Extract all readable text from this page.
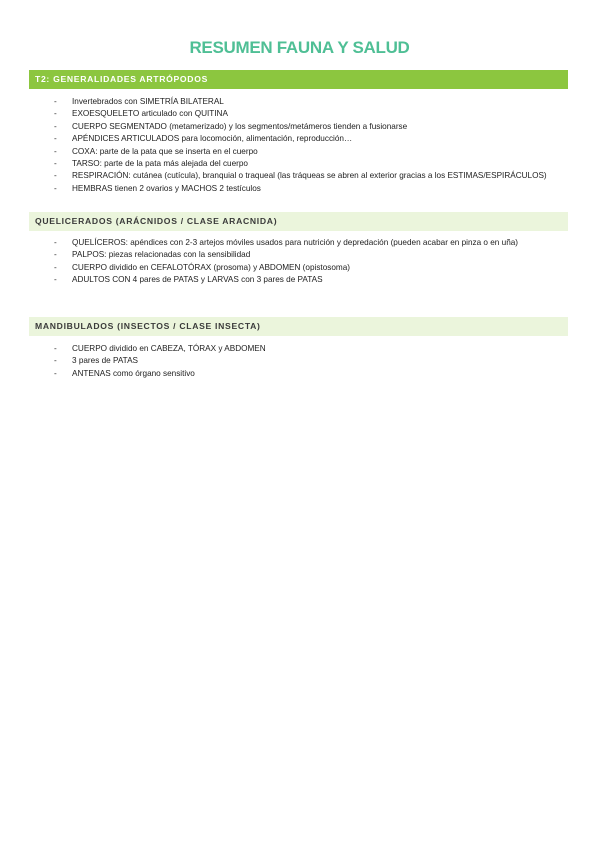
RESUMEN FAUNA Y SALUD
T2: GENERALIDADES ARTRÓPODOS
- Invertebrados con SIMETRÍA BILATERAL
- EXOESQUELETO articulado con QUITINA
- CUERPO SEGMENTADO (metamerizado) y los segmentos/metámeros tienden a fusionarse
- APÉNDICES ARTICULADOS para locomoción, alimentación, reproducción…
- COXA: parte de la pata que se inserta en el cuerpo
- TARSO: parte de la pata más alejada del cuerpo
- RESPIRACIÓN: cutánea (cutícula), branquial o traqueal (las tráqueas se abren al exterior gracias a los ESTIMAS/ESPIRÁCULOS)
- HEMBRAS tienen 2 ovarios y MACHOS 2 testículos
QUELICERADOS (ARÁCNIDOS / CLASE ARACNIDA)
- QUELÍCEROS: apéndices con 2-3 artejos móviles usados para nutrición y depredación (pueden acabar en pinza o en uña)
- PALPOS: piezas relacionadas con la sensibilidad
- CUERPO dividido en CEFALOTÓRAX (prosoma) y ABDOMEN (opistosoma)
- ADULTOS CON 4 pares de PATAS y LARVAS con 3 pares de PATAS
MANDIBULADOS (INSECTOS / CLASE INSECTA)
- CUERPO dividido en CABEZA, TÓRAX y ABDOMEN
- 3 pares de PATAS
- ANTENAS como órgano sensitivo
